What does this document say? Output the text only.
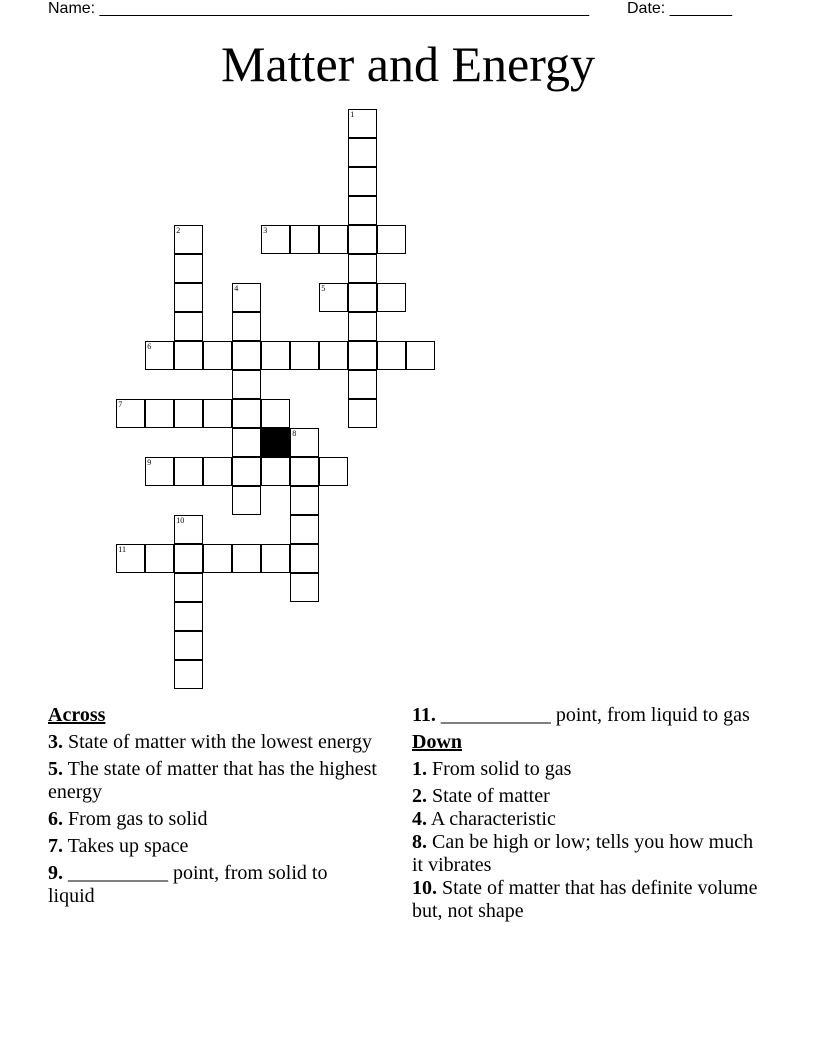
Name: _______________________________________________________ Date: _______
Matter and Energy
1
2	3
4	5
6
7
8
9
10
11
Across
3. State of matter with the lowest energy
5. The state of matter that has the highest energy
6. From gas to solid
7. Takes up space
9. __________ point, from solid to liquid
11. ___________ point, from liquid to gas
Down
1. From solid to gas
2. State of matter
4. A characteristic
8. Can be high or low; tells you how much it vibrates
10. State of matter that has definite volume but, not shape
